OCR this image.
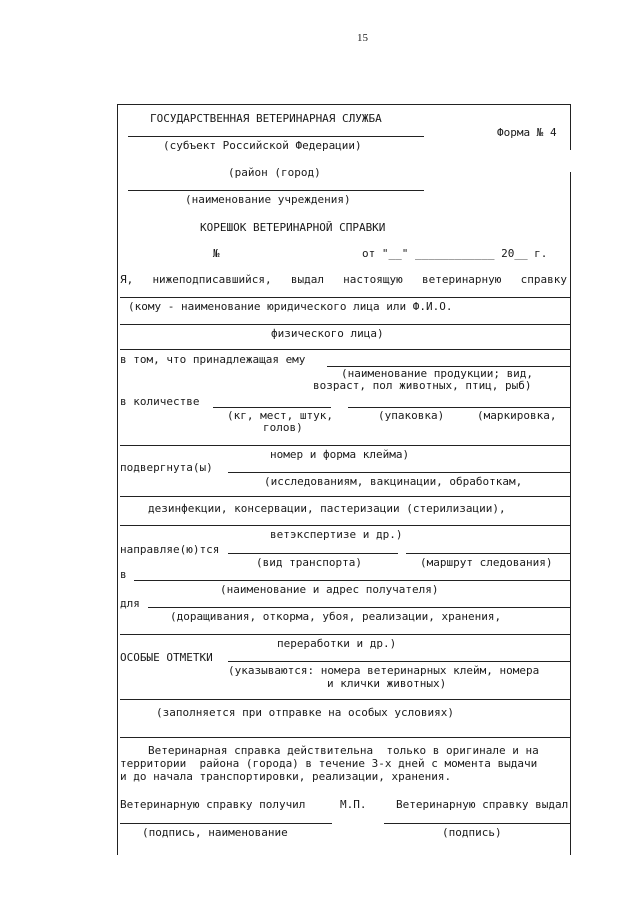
15
ГОСУДАРСТВЕННАЯ ВЕТЕРИНАРНАЯ СЛУЖБА
Форма № 4
(субъект Российской Федерации)
(район (город)
(наименование учреждения)
КОРЕШОК ВЕТЕРИНАРНОЙ СПРАВКИ
№	от "__" ____________ 20__ г.
Я, нижеподписавшийся, выдал настоящую ветеринарную справку
(кому - наименование юридического лица или Ф.И.О.
физического лица)
в том, что принадлежащая ему
(наименование продукции; вид,
возраст, пол животных, птиц, рыб)
в количестве
(кг, мест, штук,
голов)
(упаковка)	(маркировка,
номер и форма клейма)
подвергнута(ы)
(исследованиям, вакцинации, обработкам,
дезинфекции, консервации, пастеризации (стерилизации),
ветэкспертизе и др.)
направляе(ю)тся
(вид транспорта)	(маршрут следования)
в
(наименование и адрес получателя)
для
(доращивания, откорма, убоя, реализации, хранения,
переработки и др.)
ОСОБЫЕ ОТМЕТКИ
(указываются: номера ветеринарных клейм, номера
и клички животных)
(заполняется при отправке на особых условиях)
Ветеринарная справка действительна  только в оригинале и на
территории  района (города) в течение 3-х дней с момента выдачи
и до начала транспортировки, реализации, хранения.
Ветеринарную справку получил	М.П.	Ветеринарную справку выдал
(подпись, наименование	(подпись)
